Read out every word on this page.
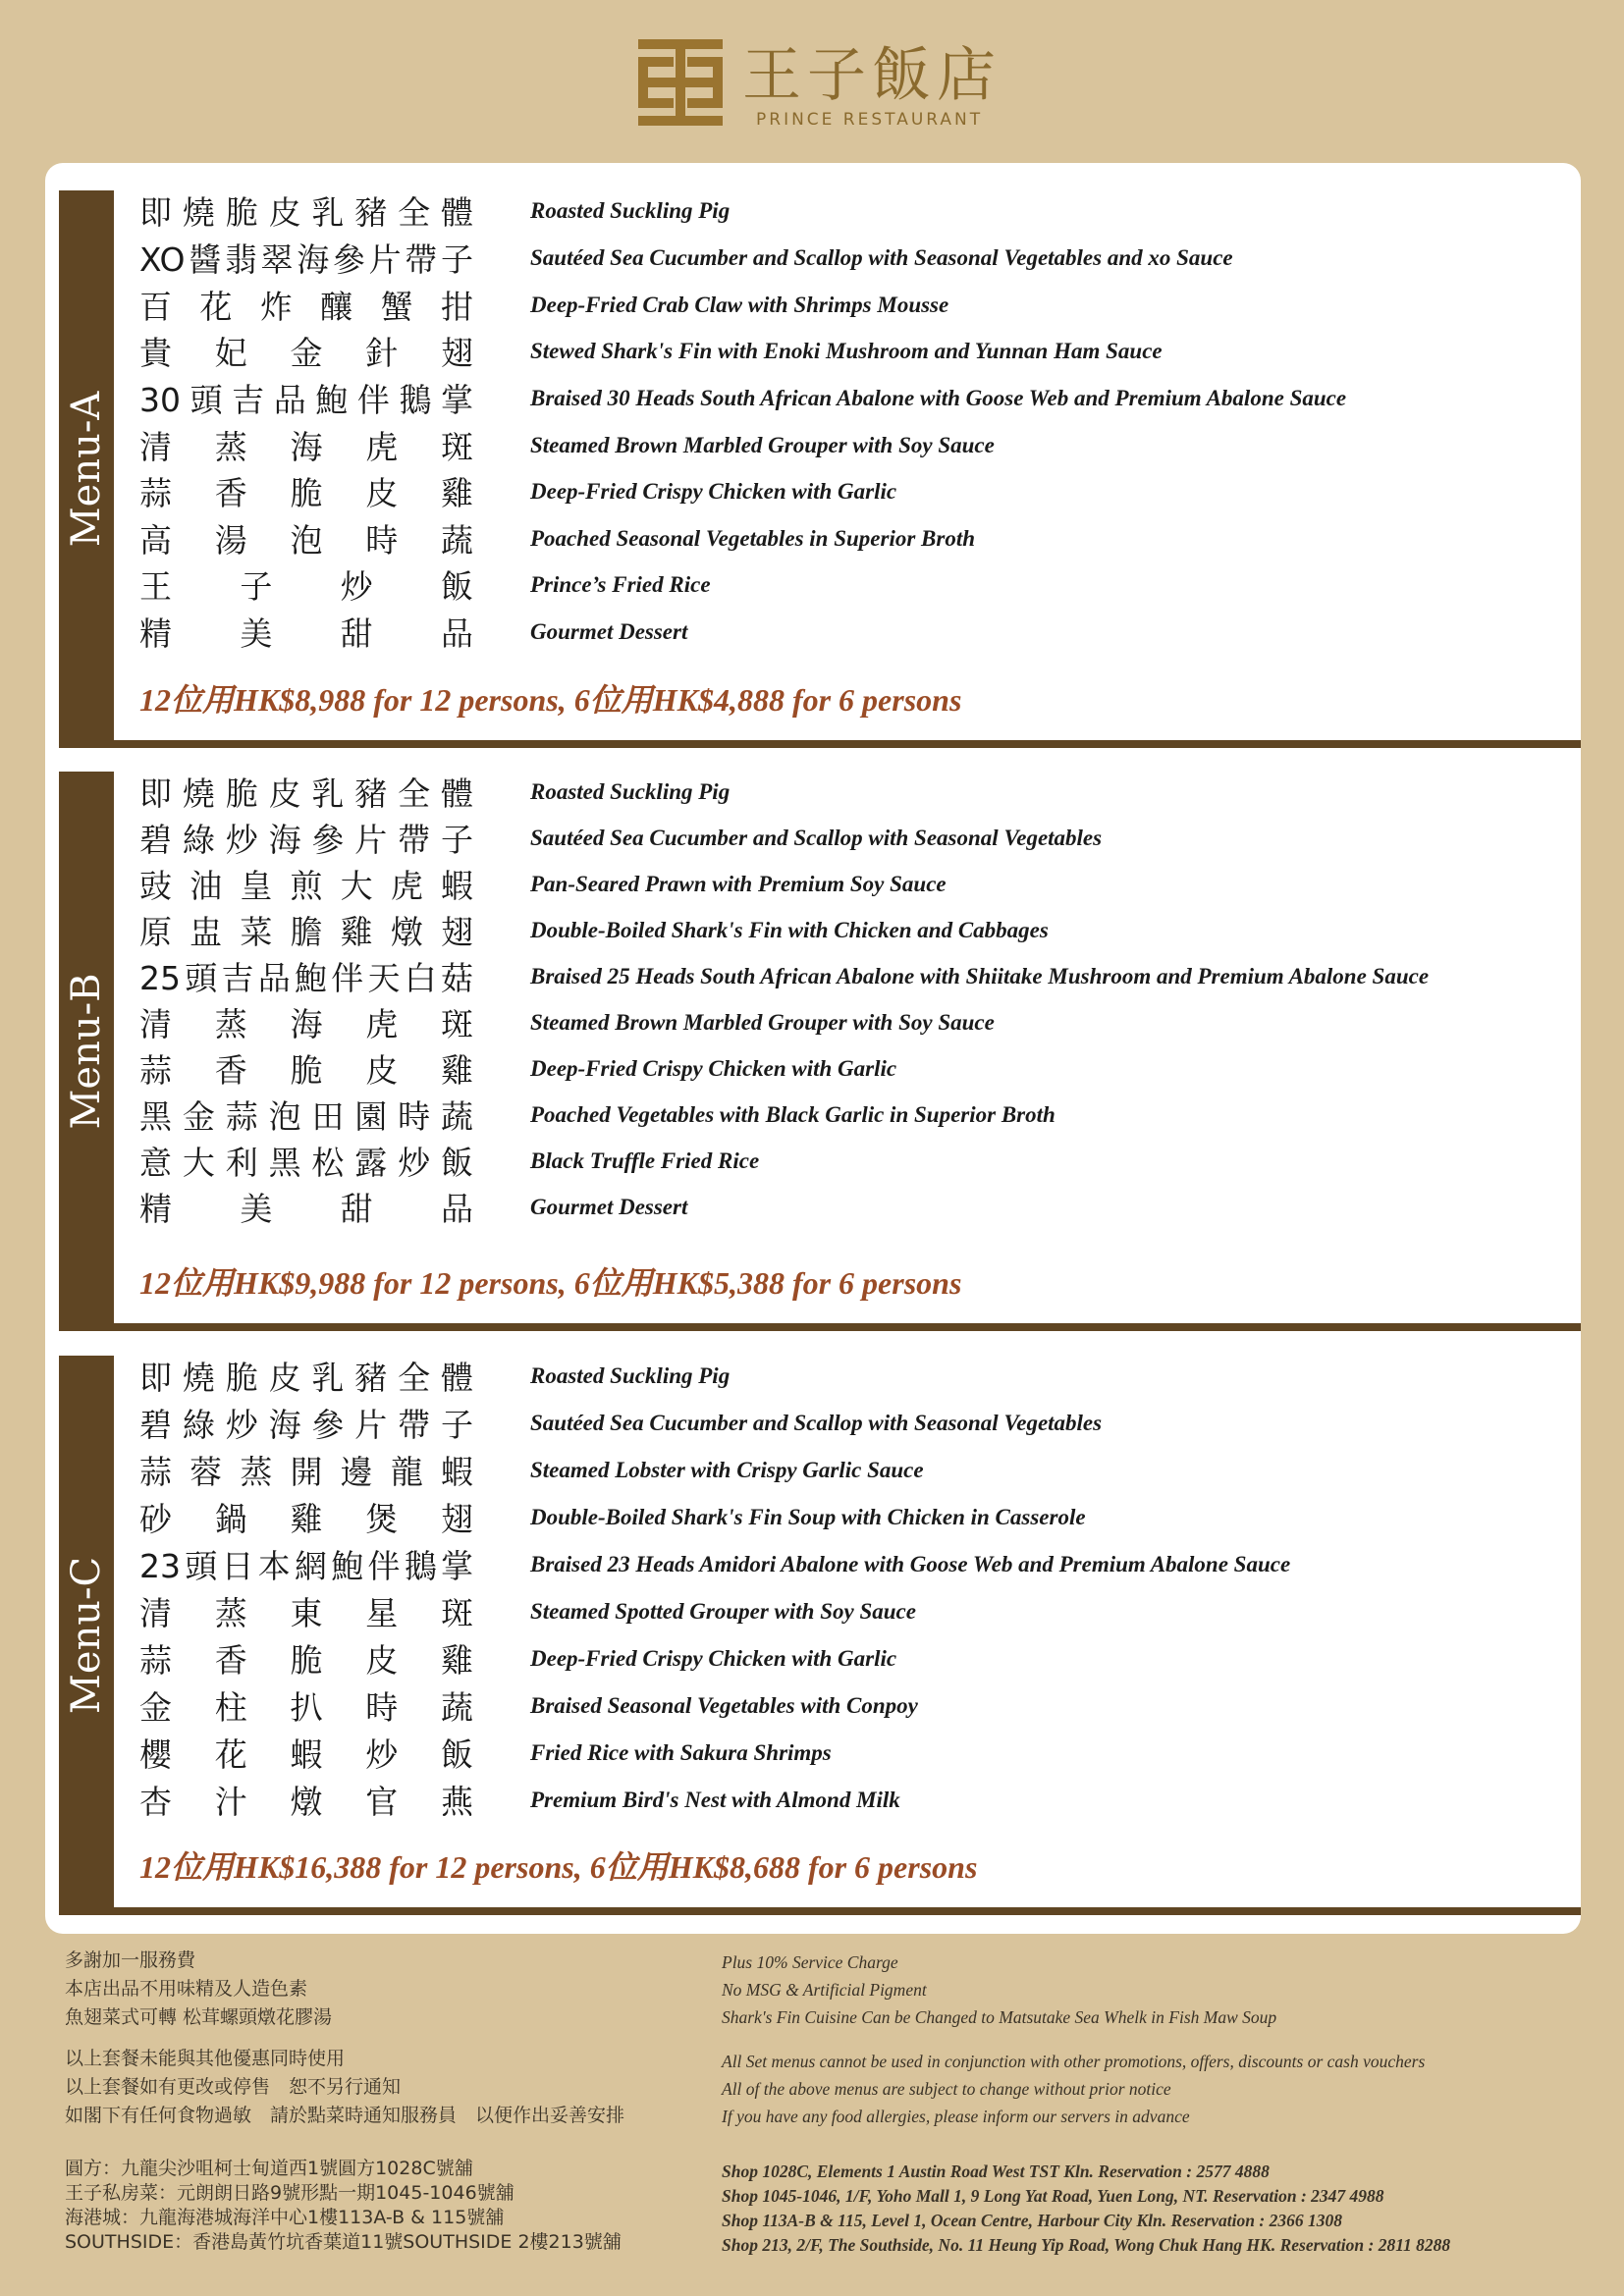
王子飯店
PRINCE RESTAURANT
Menu-A
即燒脆皮乳豬全體	Roasted Suckling Pig
XO醬翡翠海參片帶子	Sautéed Sea Cucumber and Scallop with Seasonal Vegetables and xo Sauce
百花炸釀蟹拑	Deep-Fried Crab Claw with Shrimps Mousse
貴妃金針翅	Stewed Shark's Fin with Enoki Mushroom and Yunnan Ham Sauce
30頭吉品鮑伴鵝掌	Braised 30 Heads South African Abalone with Goose Web and Premium Abalone Sauce
清蒸海虎斑	Steamed Brown Marbled Grouper with Soy Sauce
蒜香脆皮雞	Deep-Fried Crispy Chicken with Garlic
高湯泡時蔬	Poached Seasonal Vegetables in Superior Broth
王子炒飯	Prince’s Fried Rice
精美甜品	Gourmet Dessert
12位用HK$8,988 for 12 persons, 6位用HK$4,888 for 6 persons
Menu-B
即燒脆皮乳豬全體	Roasted Suckling Pig
碧綠炒海參片帶子	Sautéed Sea Cucumber and Scallop with Seasonal Vegetables
豉油皇煎大虎蝦	Pan-Seared Prawn with Premium Soy Sauce
原盅菜膽雞燉翅	Double-Boiled Shark's Fin with Chicken and Cabbages
25頭吉品鮑伴天白菇	Braised 25 Heads South African Abalone with Shiitake Mushroom and Premium Abalone Sauce
清蒸海虎斑	Steamed Brown Marbled Grouper with Soy Sauce
蒜香脆皮雞	Deep-Fried Crispy Chicken with Garlic
黑金蒜泡田園時蔬	Poached Vegetables with Black Garlic in Superior Broth
意大利黑松露炒飯	Black Truffle Fried Rice
精美甜品	Gourmet Dessert
12位用HK$9,988 for 12 persons, 6位用HK$5,388 for 6 persons
Menu-C
即燒脆皮乳豬全體	Roasted Suckling Pig
碧綠炒海參片帶子	Sautéed Sea Cucumber and Scallop with Seasonal Vegetables
蒜蓉蒸開邊龍蝦	Steamed Lobster with Crispy Garlic Sauce
砂鍋雞煲翅	Double-Boiled Shark's Fin Soup with Chicken in Casserole
23頭日本網鮑伴鵝掌	Braised 23 Heads Amidori Abalone with Goose Web and Premium Abalone Sauce
清蒸東星斑	Steamed Spotted Grouper with Soy Sauce
蒜香脆皮雞	Deep-Fried Crispy Chicken with Garlic
金柱扒時蔬	Braised Seasonal Vegetables with Conpoy
櫻花蝦炒飯	Fried Rice with Sakura Shrimps
杏汁燉官燕	Premium Bird's Nest with Almond Milk
12位用HK$16,388 for 12 persons, 6位用HK$8,688 for 6 persons
多謝加一服務費
本店出品不用味精及人造色素
魚翅菜式可轉 松茸螺頭燉花膠湯
以上套餐未能與其他優惠同時使用
以上套餐如有更改或停售　恕不另行通知
如閣下有任何食物過敏　請於點菜時通知服務員　以便作出妥善安排
Plus 10% Service Charge
No MSG & Artificial Pigment
Shark's Fin Cuisine Can be Changed to Matsutake Sea Whelk in Fish Maw Soup
All Set menus cannot be used in conjunction with other promotions, offers, discounts or cash vouchers
All of the above menus are subject to change without prior notice
If you have any food allergies, please inform our servers in advance
圓方：九龍尖沙咀柯士甸道西1號圓方1028C號舖
王子私房菜：元朗朗日路9號形點一期1045-1046號舖
海港城：九龍海港城海洋中心1樓113A-B & 115號舖
SOUTHSIDE：香港島黃竹坑香葉道11號SOUTHSIDE 2樓213號舖
Shop 1028C, Elements 1 Austin Road West TST Kln. Reservation : 2577 4888
Shop 1045-1046, 1/F, Yoho Mall 1, 9 Long Yat Road, Yuen Long, NT. Reservation : 2347 4988
Shop 113A-B & 115, Level 1, Ocean Centre, Harbour City Kln. Reservation : 2366 1308
Shop 213, 2/F, The Southside, No. 11 Heung Yip Road, Wong Chuk Hang HK. Reservation : 2811 8288
